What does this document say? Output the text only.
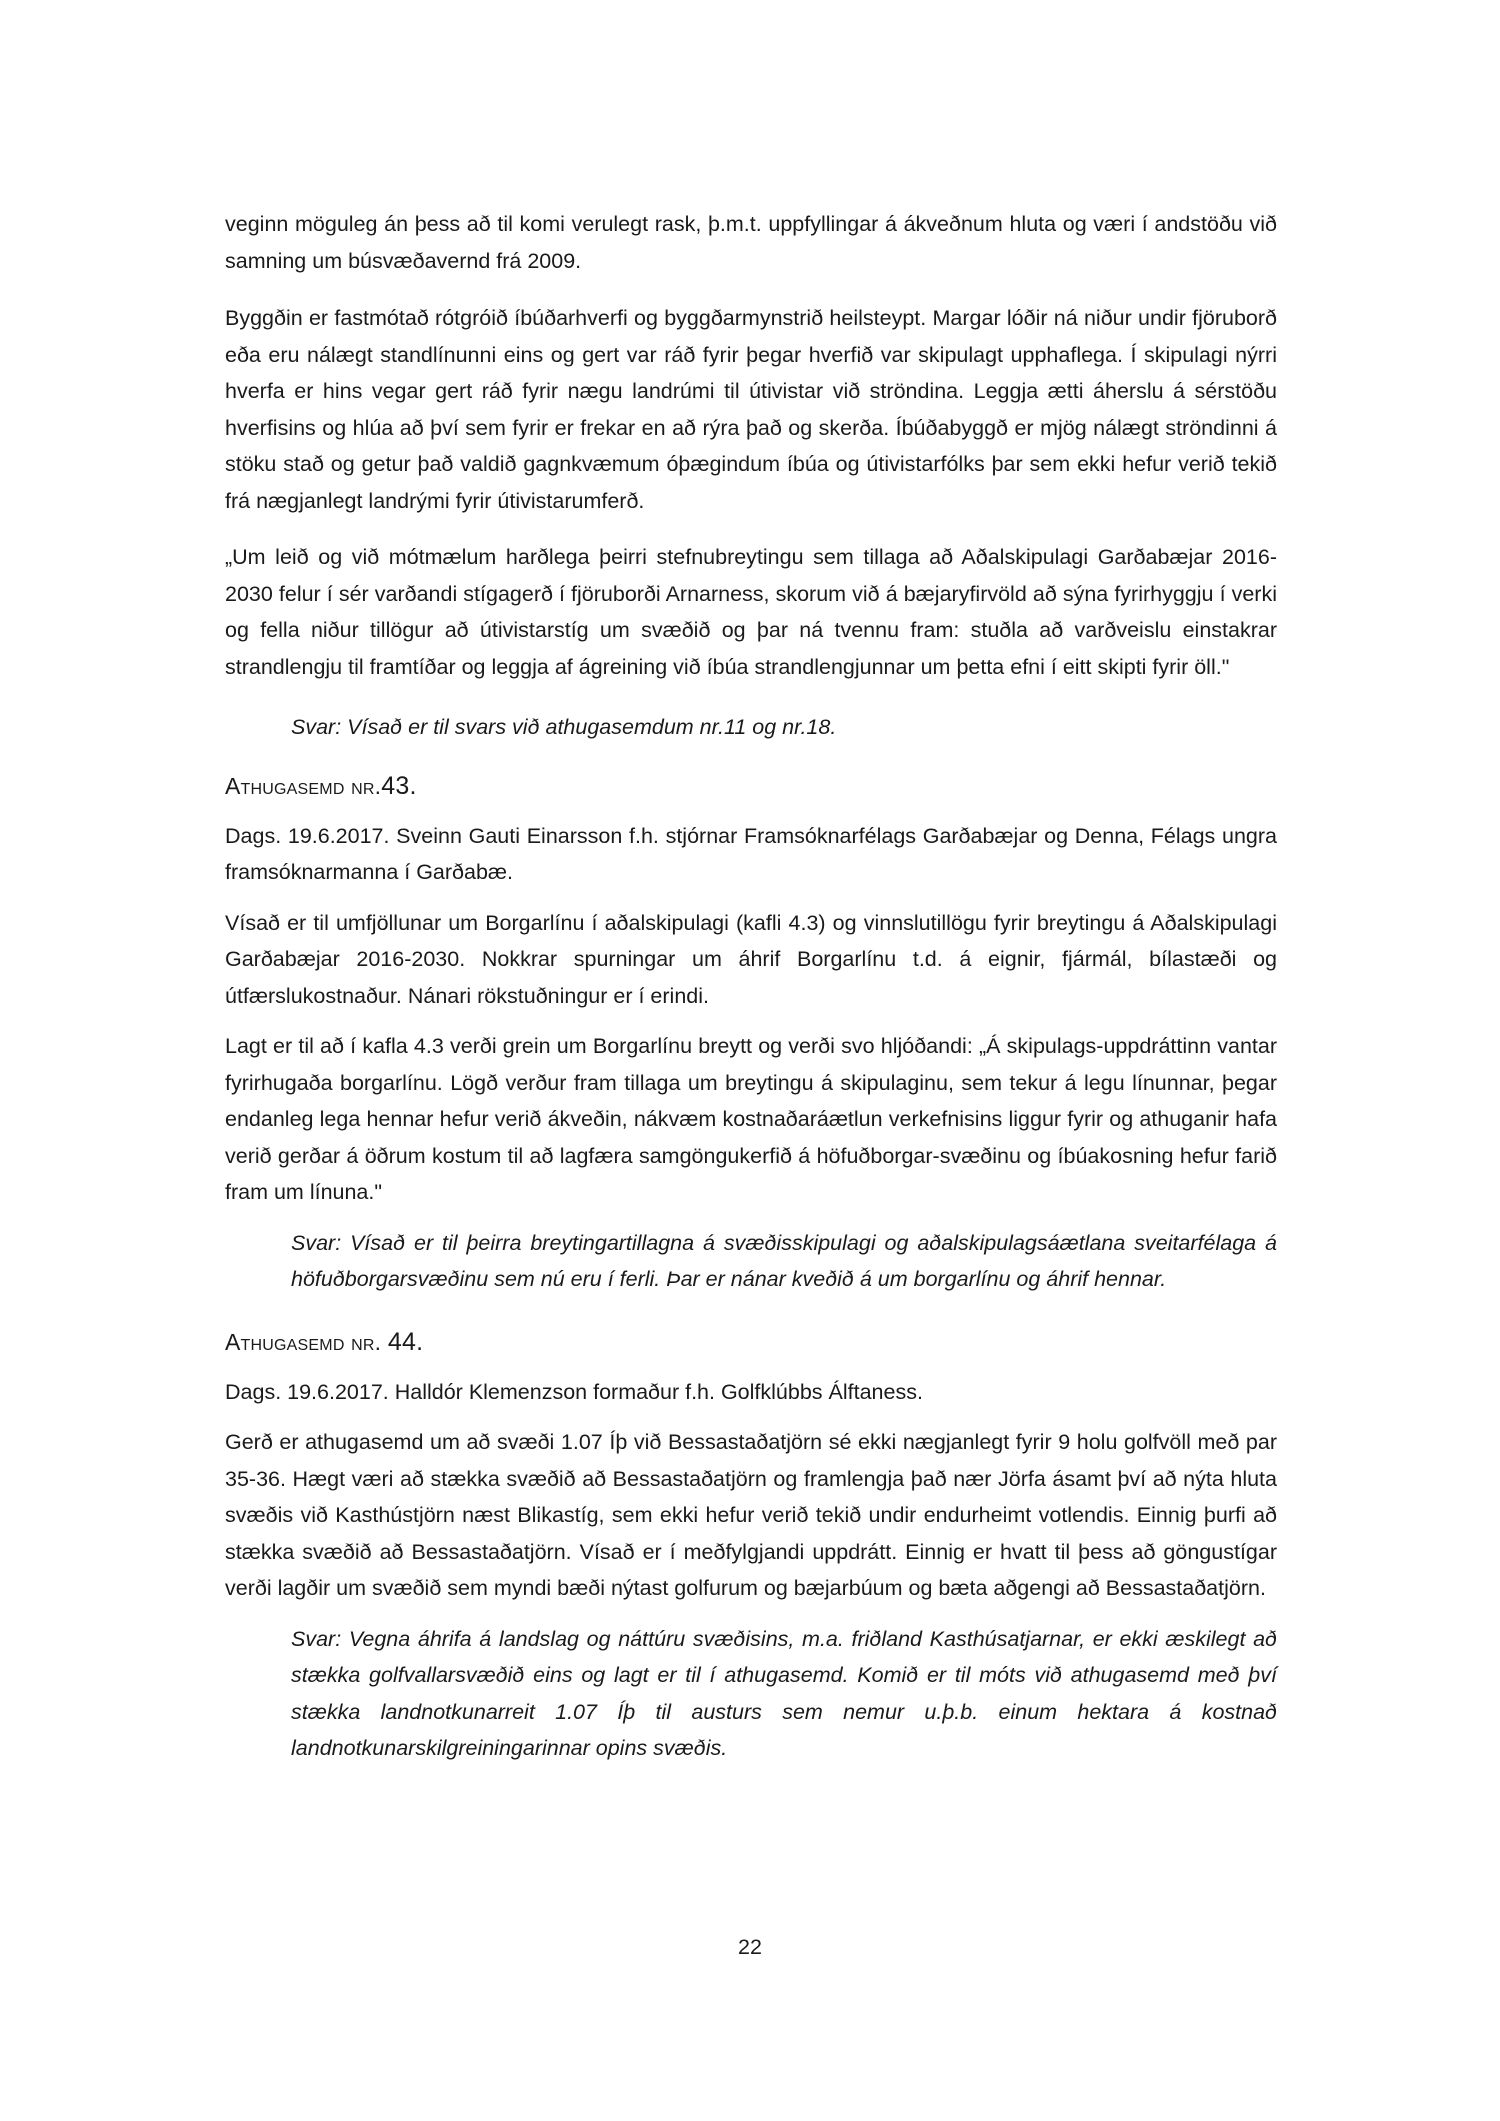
veginn möguleg án þess að til komi verulegt rask, þ.m.t. uppfyllingar á ákveðnum hluta og væri í andstöðu við samning um búsvæðavernd frá 2009.

Byggðin er fastmótað rótgróið íbúðarhverfi og byggðarmynstrið heilsteypt. Margar lóðir ná niður undir fjöruborð eða eru nálægt standlínunni eins og gert var ráð fyrir þegar hverfið var skipulagt upphaflega. Í skipulagi nýrri hverfa er hins vegar gert ráð fyrir nægu landrúmi til útivistar við ströndina. Leggja ætti áherslu á sérstöðu hverfisins og hlúa að því sem fyrir er frekar en að rýra það og skerða. Íbúðabyggð er mjög nálægt ströndinni á stöku stað og getur það valdið gagnkvæmum óþægindum íbúa og útivistarfólks þar sem ekki hefur verið tekið frá nægjanlegt landrými fyrir útivistarumferð.

„Um leið og við mótmælum harðlega þeirri stefnubreytingu sem tillaga að Aðalskipulagi Garðabæjar 2016-2030 felur í sér varðandi stígagerð í fjöruborði Arnarness, skorum við á bæjaryfirvöld að sýna fyrirhyggju í verki og fella niður tillögur að útivistarstíg um svæðið og þar ná tvennu fram: stuðla að varðveislu einstakrar strandlengju til framtíðar og leggja af ágreining við íbúa strandlengjunnar um þetta efni í eitt skipti fyrir öll."

Svar: Vísað er til svars við athugasemdum nr.11 og nr.18.

Athugasemd nr.43.

Dags. 19.6.2017. Sveinn Gauti Einarsson f.h. stjórnar Framsóknarfélags Garðabæjar og Denna, Félags ungra framsóknarmanna í Garðabæ.

Vísað er til umfjöllunar um Borgarlínu í aðalskipulagi (kafli 4.3) og vinnslutillögu fyrir breytingu á Aðalskipulagi Garðabæjar 2016-2030. Nokkrar spurningar um áhrif Borgarlínu t.d. á eignir, fjármál, bílastæði og útfærslukostnaður. Nánari rökstuðningur er í erindi.

Lagt er til að í kafla 4.3 verði grein um Borgarlínu breytt og verði svo hljóðandi: „Á skipulags-uppdráttinn vantar fyrirhugaða borgarlínu. Lögð verður fram tillaga um breytingu á skipulaginu, sem tekur á legu línunnar, þegar endanleg lega hennar hefur verið ákveðin, nákvæm kostnaðaráætlun verkefnisins liggur fyrir og athuganir hafa verið gerðar á öðrum kostum til að lagfæra samgöngukerfið á höfuðborgar-svæðinu og íbúakosning hefur farið fram um línuna."

Svar: Vísað er til þeirra breytingartillagna á svæðisskipulagi og aðalskipulagsáætlana sveitarfélaga á höfuðborgarsvæðinu sem nú eru í ferli. Þar er nánar kveðið á um borgarlínu og áhrif hennar.

Athugasemd nr. 44.

Dags. 19.6.2017. Halldór Klemenzson formaður f.h. Golfklúbbs Álftaness.

Gerð er athugasemd um að svæði 1.07 Íþ við Bessastaðatjörn sé ekki nægjanlegt fyrir 9 holu golfvöll með par 35-36. Hægt væri að stækka svæðið að Bessastaðatjörn og framlengja það nær Jörfa ásamt því að nýta hluta svæðis við Kasthústjörn næst Blikastíg, sem ekki hefur verið tekið undir endurheimt votlendis. Einnig þurfi að stækka svæðið að Bessastaðatjörn. Vísað er í meðfylgjandi uppdrátt. Einnig er hvatt til þess að göngustígar verði lagðir um svæðið sem myndi bæði nýtast golfurum og bæjarbúum og bæta aðgengi að Bessastaðatjörn.

Svar: Vegna áhrifa á landslag og náttúru svæðisins, m.a. friðland Kasthúsatjarnar, er ekki æskilegt að stækka golfvallarsvæðið eins og lagt er til í athugasemd. Komið er til móts við athugasemd með því stækka landnotkunarreit 1.07 Íþ til austurs sem nemur u.þ.b. einum hektara á kostnað landnotkunarskilgreiningarinnar opins svæðis.

22
